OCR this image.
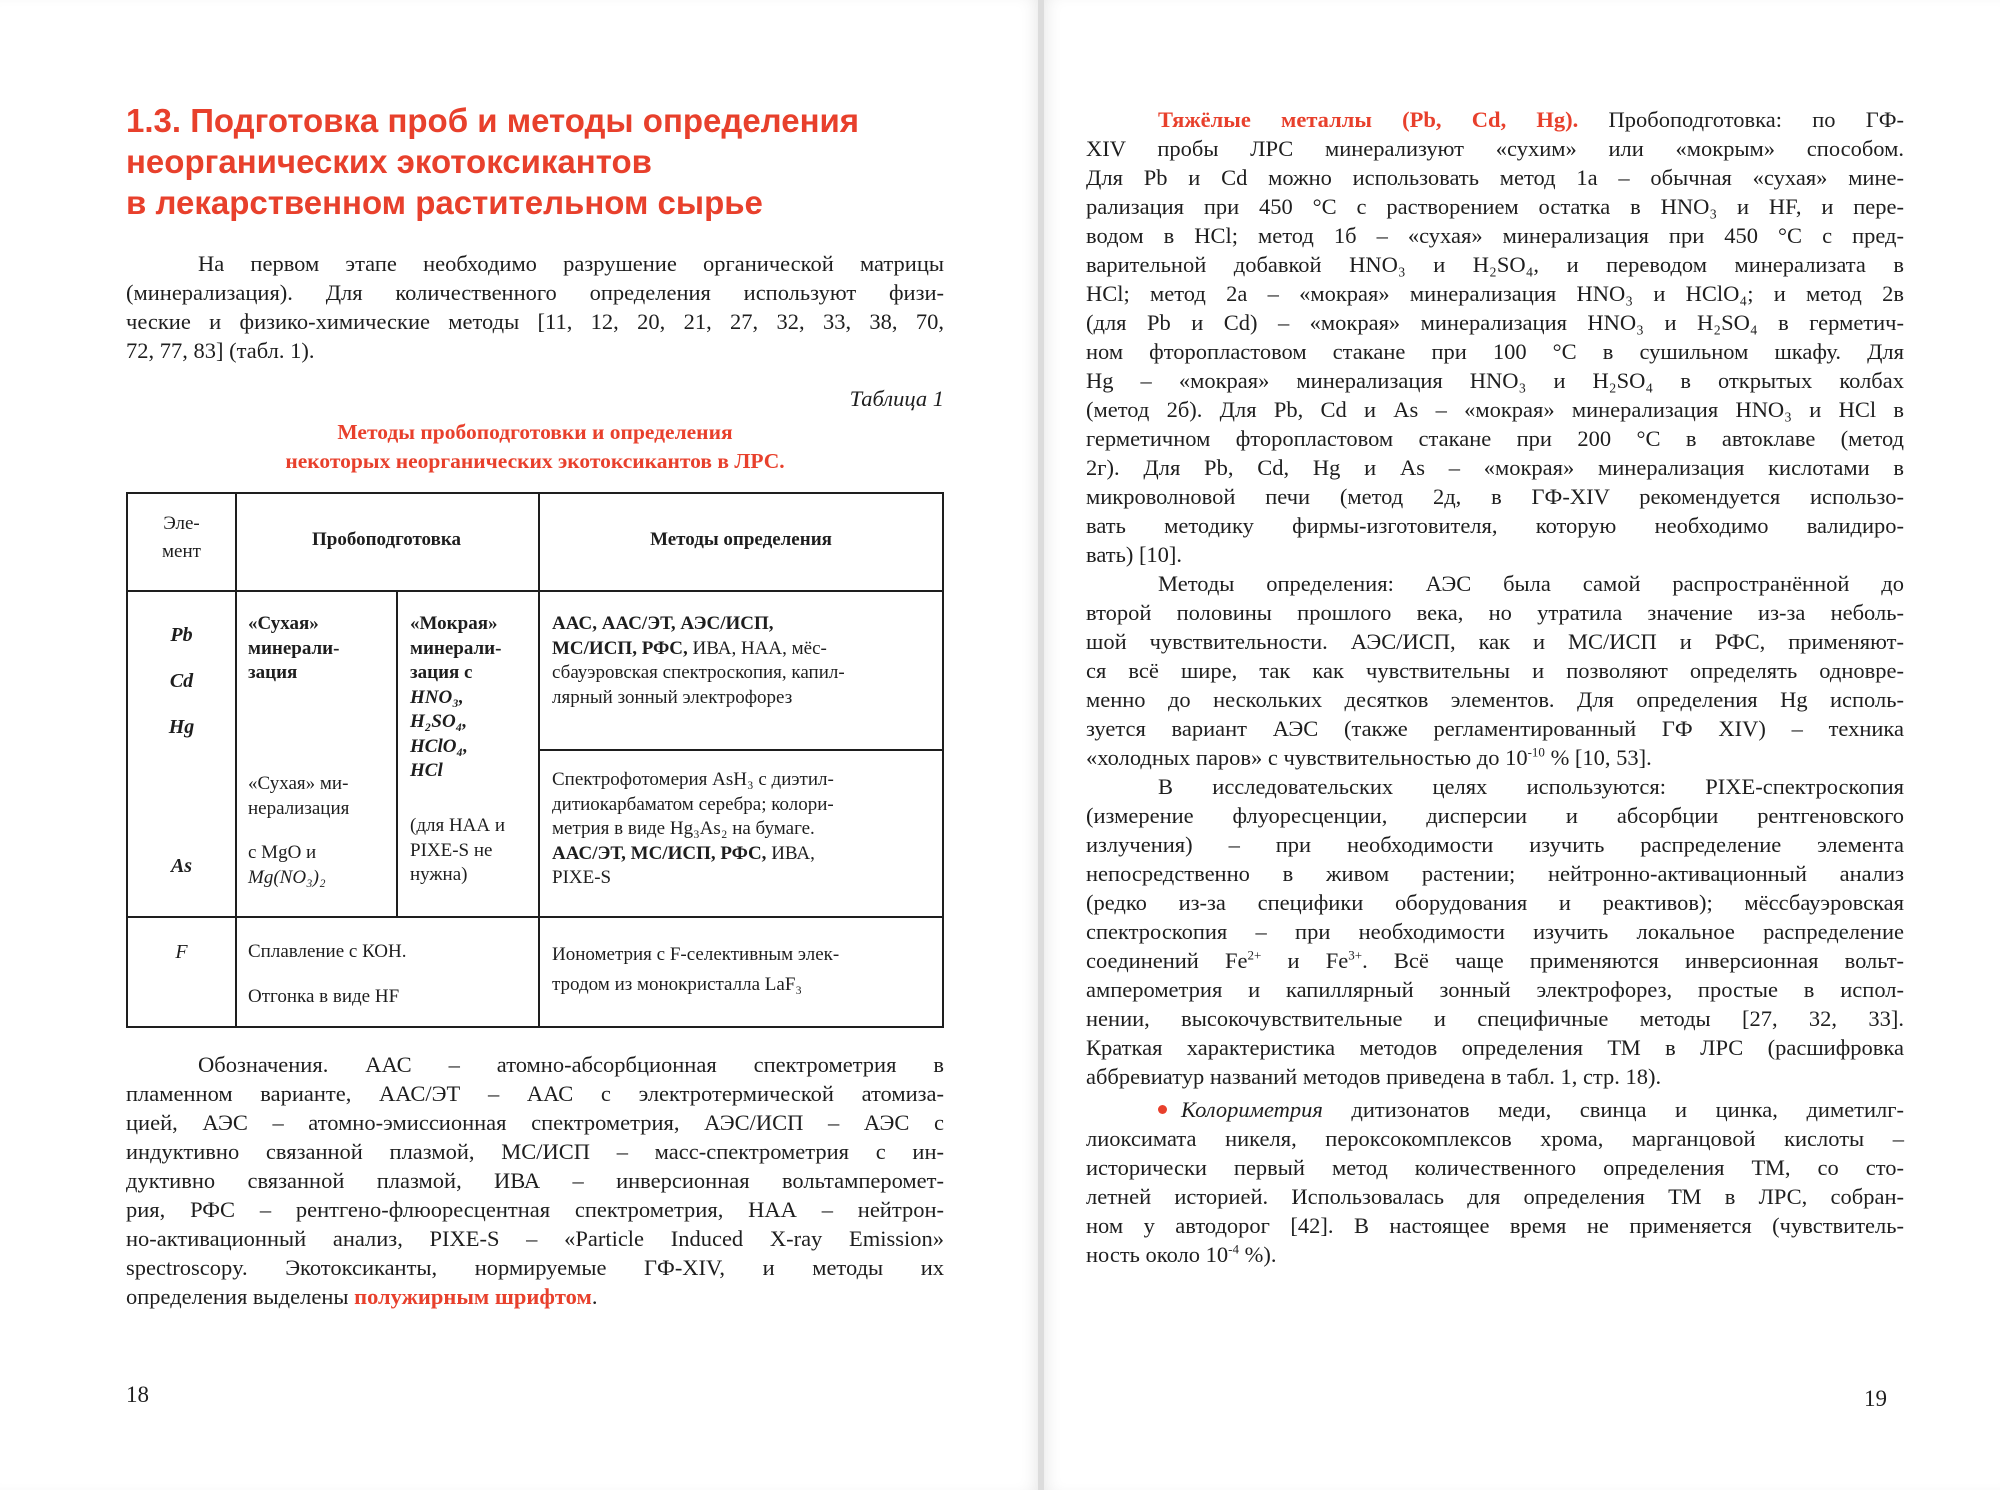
1.3. Подготовка проб и методы определения
неорганических экотоксикантов
в лекарственном растительном сырье
На первом этапе необходимо разрушение органической матрицы
(минерализация). Для количественного определения используют физи-
ческие и физико-химические методы [11, 12, 20, 21, 27, 32, 33, 38, 70,
72, 77, 83] (табл. 1).
Таблица 1
Методы пробоподготовки и определения
некоторых неорганических экотоксикантов в ЛРС.
Эле-
мент
Пробоподготовка	Методы определения
Pb
Cd
Hg
«Сухая»
минерали-
зация
«Мокрая»
минерали-
зация с
HNO₃,
H₂SO₄,
HClO₄,
HCl
(для НАА и
PIXE-S не
нужна)
ААС, ААС/ЭТ, АЭС/ИСП,
МС/ИСП, РФС, ИВА, НАА, мёс-
сбауэровская спектроскопия, капил-
лярный зонный электрофорез
As
«Сухая» ми-
нерализация
с MgO и
Mg(NO₃)₂
Спектрофотомерия AsH₃ с диэтил-
дитиокарбаматом серебра; колори-
метрия в виде Hg₃As₂ на бумаге.
ААС/ЭТ, МС/ИСП, РФС, ИВА,
PIXE-S
F	Сплавление с КОН.
Отгонка в виде HF
Ионометрия с F-селективным элек-
тродом из монокристалла LaF₃
Обозначения. ААС – атомно-абсорбционная спектрометрия в
пламенном варианте, ААС/ЭТ – ААС с электротермической атомиза-
цией, АЭС – атомно-эмиссионная спектрометрия, АЭС/ИСП – АЭС с
индуктивно связанной плазмой, МС/ИСП – масс-спектрометрия с ин-
дуктивно связанной плазмой, ИВА – инверсионная вольтамперомет-
рия, РФС – рентгено-флюоресцентная спектрометрия, НАА – нейтрон-
но-активационный анализ, PIXE-S – «Particle Induced X-ray Emission»
spectroscopy. Экотоксиканты, нормируемые ГФ-XIV, и методы их
определения выделены полужирным шрифтом.
18
Тяжёлые металлы (Pb, Cd, Hg). Пробоподготовка: по ГФ-
XIV пробы ЛРС минерализуют «сухим» или «мокрым» способом.
Для Pb и Cd можно использовать метод 1а – обычная «сухая» мине-
рализация при 450 °С с растворением остатка в HNO₃ и HF, и пере-
водом в HCl; метод 1б – «сухая» минерализация при 450 °С с пред-
варительной добавкой HNO₃ и H₂SO₄, и переводом минерализата в
HCl; метод 2а – «мокрая» минерализация HNO₃ и HClO₄; и метод 2в
(для Pb и Cd) – «мокрая» минерализация HNO₃ и H₂SO₄ в герметич-
ном фторопластовом стакане при 100 °С в сушильном шкафу. Для
Hg – «мокрая» минерализация HNO₃ и H₂SO₄ в открытых колбах
(метод 2б). Для Pb, Cd и As – «мокрая» минерализация HNO₃ и HCl в
герметичном фторопластовом стакане при 200 °С в автоклаве (метод
2г). Для Pb, Cd, Hg и As – «мокрая» минерализация кислотами в
микроволновой печи (метод 2д, в ГФ-XIV рекомендуется использо-
вать методику фирмы-изготовителя, которую необходимо валидиро-
вать) [10].
Методы определения: АЭС была самой распространённой до
второй половины прошлого века, но утратила значение из-за неболь-
шой чувствительности. АЭС/ИСП, как и МС/ИСП и РФС, применяют-
ся всё шире, так как чувствительны и позволяют определять одновре-
менно до нескольких десятков элементов. Для определения Hg исполь-
зуется вариант АЭС (также регламентированный ГФ XIV) – техника
«холодных паров» с чувствительностью до $10^{-10}$ % [10, 53].
В исследовательских целях используются: PIXE-спектроскопия
(измерение флуоресценции, дисперсии и абсорбции рентгеновского
излучения) – при необходимости изучить распределение элемента
непосредственно в живом растении; нейтронно-активационный анализ
(редко из-за специфики оборудования и реактивов); мёссбауэровская
спектроскопия – при необходимости изучить локальное распределение
соединений $Fe^{2+}$ и $Fe^{3+}$. Всё чаще применяются инверсионная вольт-
амперометрия и капиллярный зонный электрофорез, простые в испол-
нении, высокочувствительные и специфичные методы [27, 32, 33].
Краткая характеристика методов определения ТМ в ЛРС (расшифровка
аббревиатур названий методов приведена в табл. 1, стр. 18).
Колориметрия дитизонатов меди, свинца и цинка, диметилг-
лиоксимата никеля, пероксокомплексов хрома, марганцовой кислоты –
исторически первый метод количественного определения ТМ, со сто-
летней историей. Использовалась для определения ТМ в ЛРС, собран-
ном у автодорог [42]. В настоящее время не применяется (чувствитель-
ность около $10^{-4}$ %).
19
